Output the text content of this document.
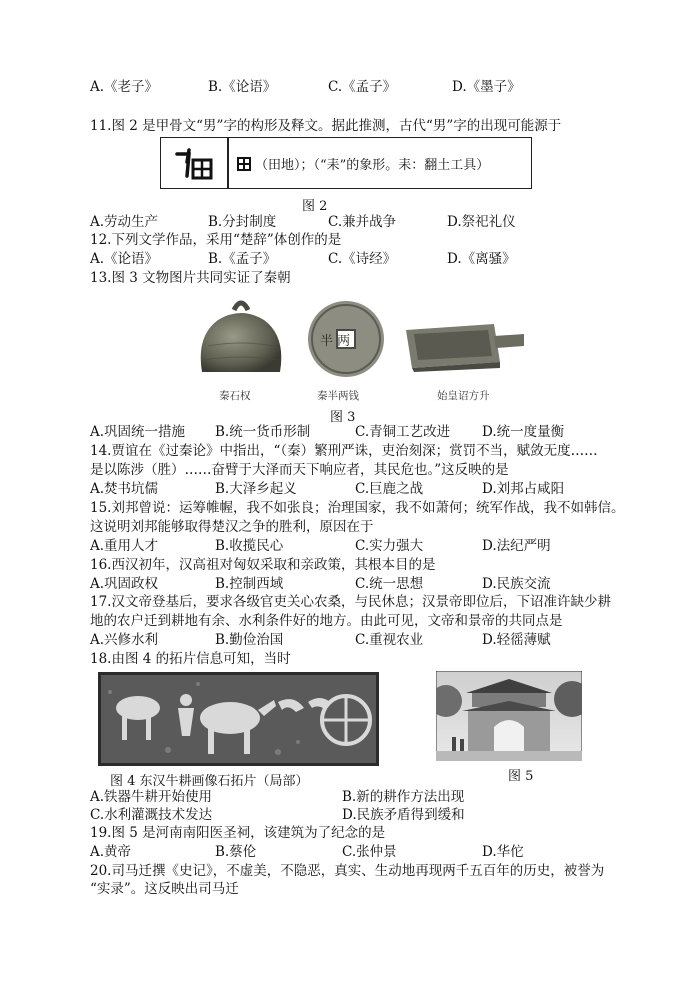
A.《老子》	B.《论语》	C.《孟子》	D.《墨子》
11.图 2 是甲骨文“男”字的构形及释文。据此推测，古代“男”字的出现可能源于
（田地）；（“耒”的象形。耒：翻土工具）
图 2
A.劳动生产	B.分封制度	C.兼并战争	D.祭祀礼仪
12.下列文学作品，采用“楚辞”体创作的是
A.《论语》	B.《孟子》	C.《诗经》	D.《离骚》
13.图 3 文物图片共同实证了秦朝
秦石权
半 两
秦半两钱	始皇诏方升
图 3
A.巩固统一措施 B.统一货币形制	C.青铜工艺改进 D.统一度量衡
14.贾谊在《过秦论》中指出，“（秦）繁刑严诛，吏治刻深；赏罚不当，赋敛无度……
是以陈涉（胜）……奋臂于大泽而天下响应者，其民危也。”这反映的是
A.焚书坑儒	B.大泽乡起义	C.巨鹿之战	D.刘邦占咸阳
15.刘邦曾说：运筹帷幄，我不如张良；治理国家，我不如萧何；统军作战，我不如韩信。
这说明刘邦能够取得楚汉之争的胜利，原因在于
A.重用人才	B.收揽民心	C.实力强大	D.法纪严明
16.西汉初年，汉高祖对匈奴采取和亲政策，其根本目的是
A.巩固政权	B.控制西域	C.统一思想	D.民族交流
17.汉文帝登基后，要求各级官吏关心农桑，与民休息；汉景帝即位后，下诏准许缺少耕
地的农户迁到耕地有余、水利条件好的地方。由此可见，文帝和景帝的共同点是
A.兴修水利	B.勤俭治国	C.重视农业	D.轻徭薄赋
18.由图 4 的拓片信息可知，当时
图 4 东汉牛耕画像石拓片（局部）	图 5
A.铁器牛耕开始使用	B.新的耕作方法出现
C.水利灌溉技术发达	D.民族矛盾得到缓和
19.图 5 是河南南阳医圣祠，该建筑为了纪念的是
A.黄帝	B.蔡伦	C.张仲景	D.华佗
20.司马迁撰《史记》，不虚美，不隐恶，真实、生动地再现两千五百年的历史，被誉为
“实录”。这反映出司马迁
